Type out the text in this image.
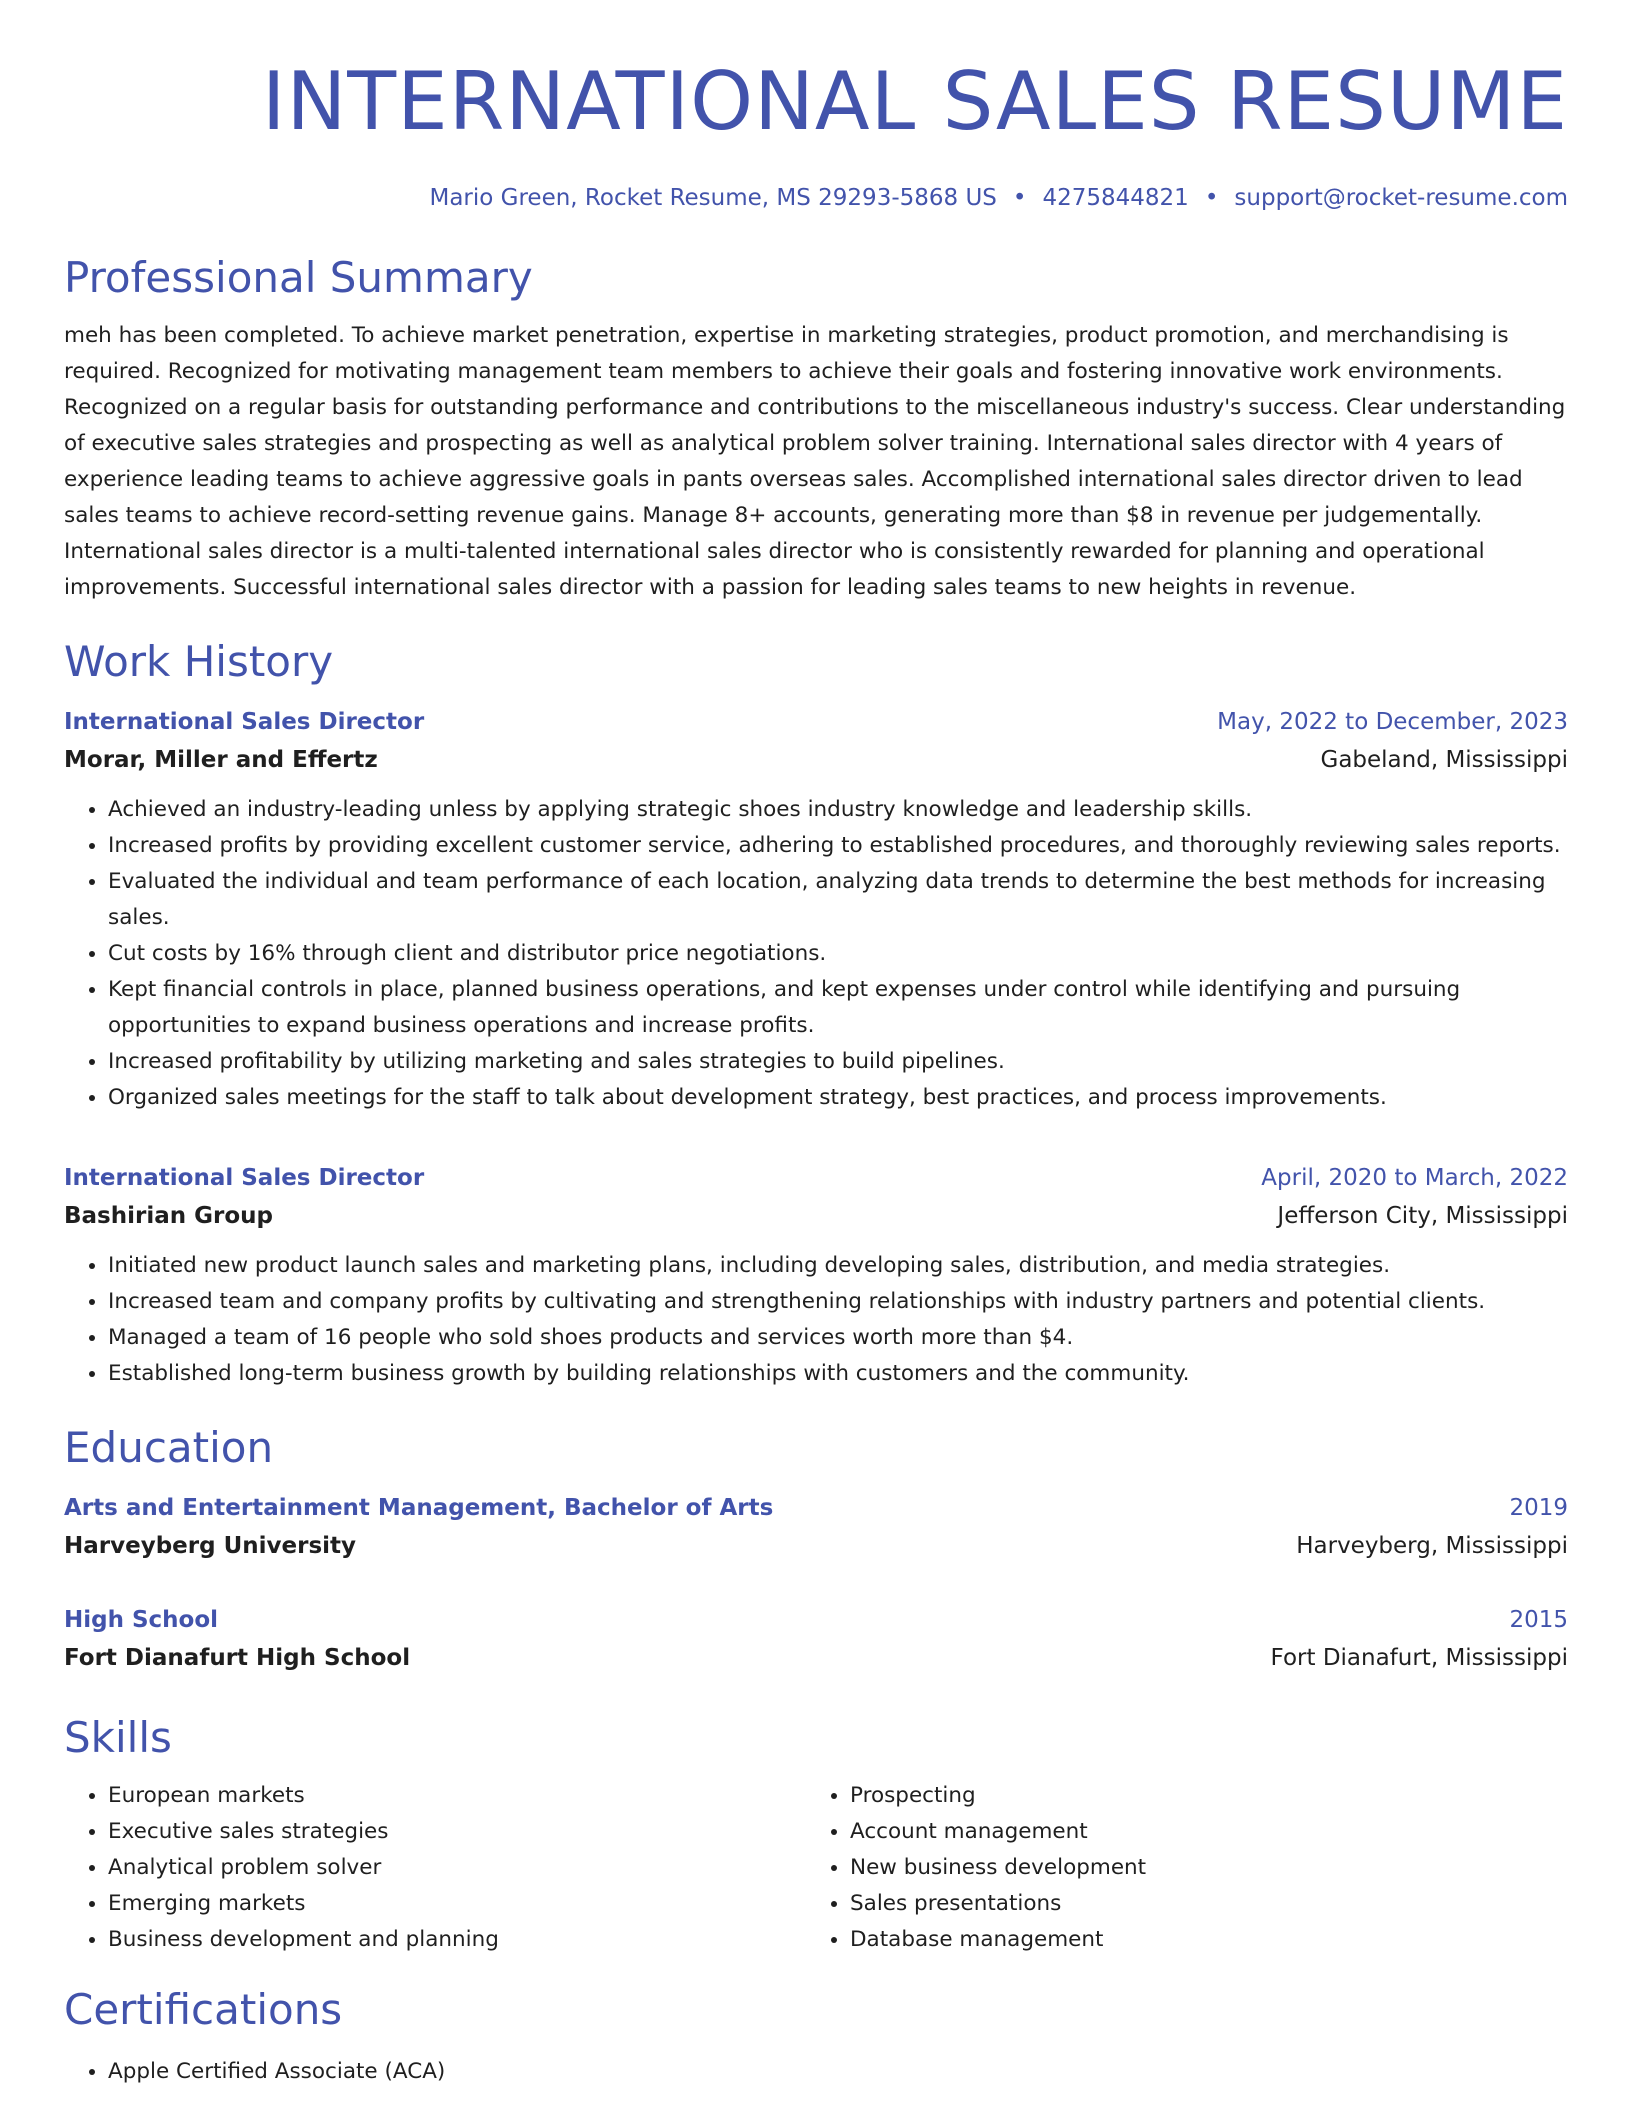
INTERNATIONAL SALES RESUME
Mario Green, Rocket Resume, MS 29293-5868 US • 4275844821 • support@rocket-resume.com
Professional Summary

meh has been completed. To achieve market penetration, expertise in marketing strategies, product promotion, and merchandising is required. Recognized for motivating management team members to achieve their goals and fostering innovative work environments. Recognized on a regular basis for outstanding performance and contributions to the miscellaneous industry's success. Clear understanding of executive sales strategies and prospecting as well as analytical problem solver training. International sales director with 4 years of experience leading teams to achieve aggressive goals in pants overseas sales. Accomplished international sales director driven to lead sales teams to achieve record-setting revenue gains. Manage 8+ accounts, generating more than $8 in revenue per judgementally. International sales director is a multi-talented international sales director who is consistently rewarded for planning and operational improvements. Successful international sales director with a passion for leading sales teams to new heights in revenue.

Work History
International Sales Director	May, 2022 to December, 2023
Morar, Miller and Effertz	Gabeland, Mississippi
• Achieved an industry-leading unless by applying strategic shoes industry knowledge and leadership skills.
• Increased profits by providing excellent customer service, adhering to established procedures, and thoroughly reviewing sales reports.
• Evaluated the individual and team performance of each location, analyzing data trends to determine the best methods for increasing sales.
• Cut costs by 16% through client and distributor price negotiations.
• Kept financial controls in place, planned business operations, and kept expenses under control while identifying and pursuing opportunities to expand business operations and increase profits.
• Increased profitability by utilizing marketing and sales strategies to build pipelines.
• Organized sales meetings for the staff to talk about development strategy, best practices, and process improvements.
International Sales Director	April, 2020 to March, 2022
Bashirian Group	Jefferson City, Mississippi
• Initiated new product launch sales and marketing plans, including developing sales, distribution, and media strategies.
• Increased team and company profits by cultivating and strengthening relationships with industry partners and potential clients.
• Managed a team of 16 people who sold shoes products and services worth more than $4.
• Established long-term business growth by building relationships with customers and the community.
Education
Arts and Entertainment Management, Bachelor of Arts	2019
Harveyberg University	Harveyberg, Mississippi
High School	2015
Fort Dianafurt High School	Fort Dianafurt, Mississippi
Skills
• European markets
• Executive sales strategies
• Analytical problem solver
• Emerging markets
• Business development and planning
• Prospecting
• Account management
• New business development
• Sales presentations
• Database management
Certifications
• Apple Certified Associate (ACA)
